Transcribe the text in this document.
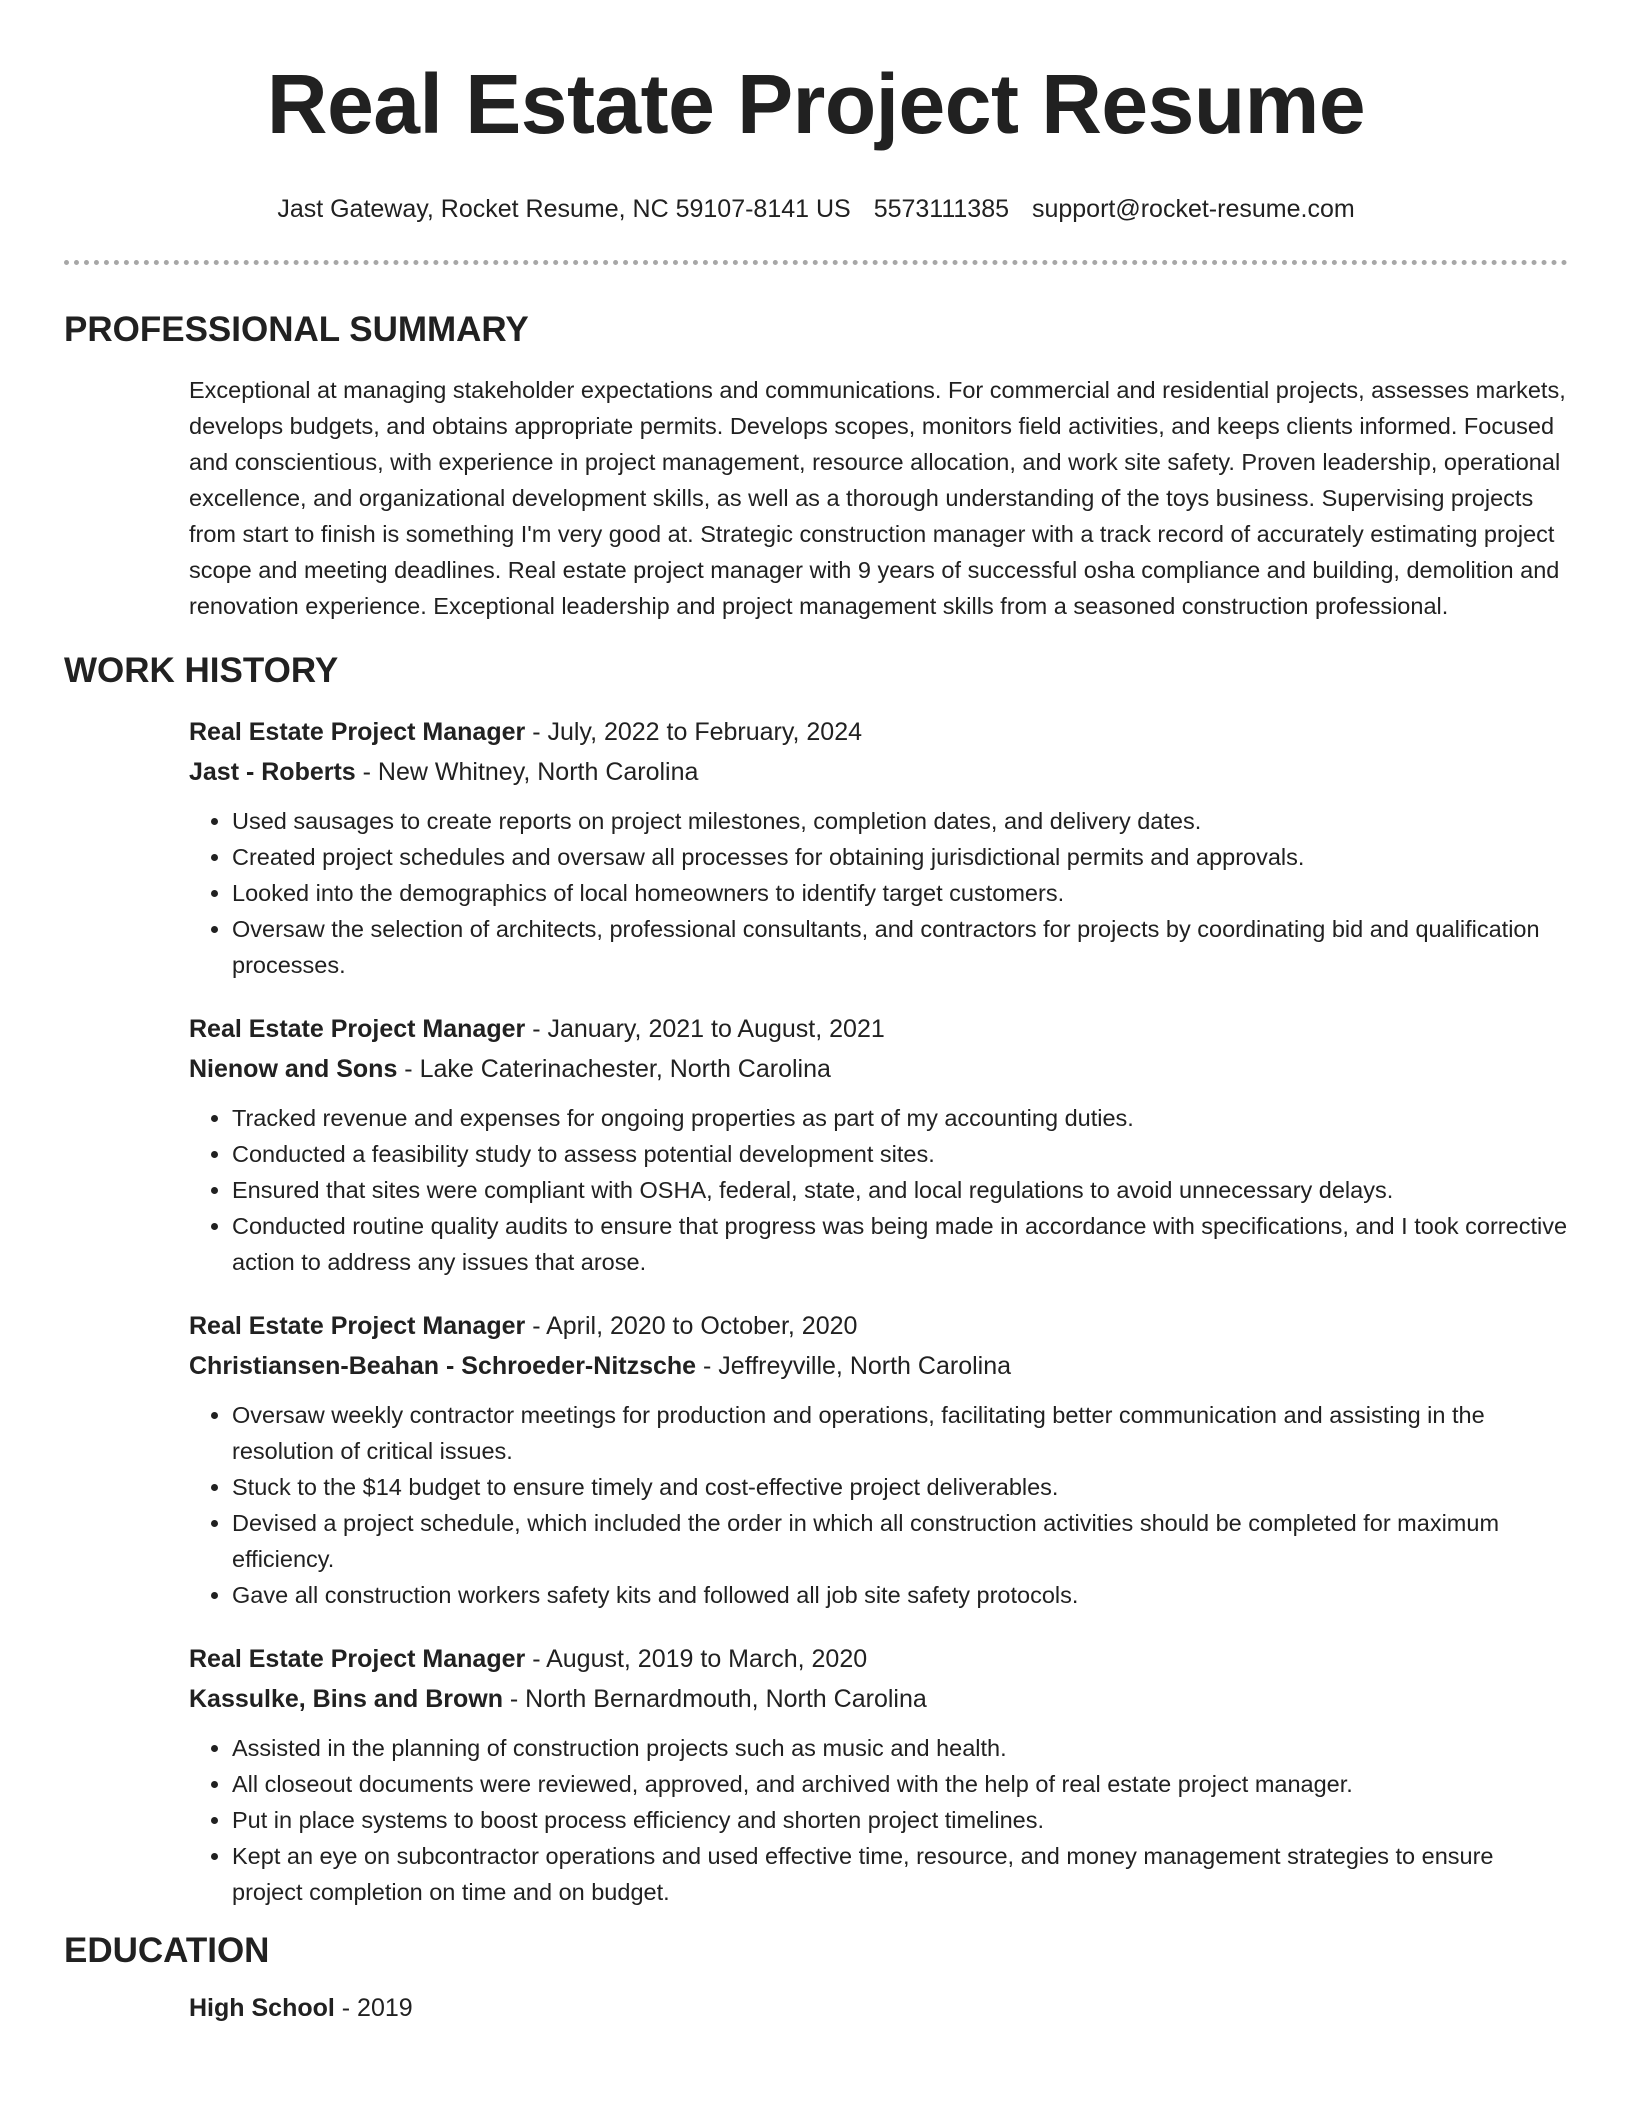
Real Estate Project Resume
Jast Gateway, Rocket Resume, NC 59107-8141 US 5573111385 support@rocket-resume.com
PROFESSIONAL SUMMARY

Exceptional at managing stakeholder expectations and communications. For commercial and residential projects, assesses markets, develops budgets, and obtains appropriate permits. Develops scopes, monitors field activities, and keeps clients informed. Focused and conscientious, with experience in project management, resource allocation, and work site safety. Proven leadership, operational excellence, and organizational development skills, as well as a thorough understanding of the toys business. Supervising projects from start to finish is something I'm very good at. Strategic construction manager with a track record of accurately estimating project scope and meeting deadlines. Real estate project manager with 9 years of successful osha compliance and building, demolition and renovation experience. Exceptional leadership and project management skills from a seasoned construction professional.

WORK HISTORY
Real Estate Project Manager - July, 2022 to February, 2024
Jast - Roberts - New Whitney, North Carolina
• Used sausages to create reports on project milestones, completion dates, and delivery dates.
• Created project schedules and oversaw all processes for obtaining jurisdictional permits and approvals.
• Looked into the demographics of local homeowners to identify target customers.
• Oversaw the selection of architects, professional consultants, and contractors for projects by coordinating bid and qualification processes.
Real Estate Project Manager - January, 2021 to August, 2021
Nienow and Sons - Lake Caterinachester, North Carolina
• Tracked revenue and expenses for ongoing properties as part of my accounting duties.
• Conducted a feasibility study to assess potential development sites.
• Ensured that sites were compliant with OSHA, federal, state, and local regulations to avoid unnecessary delays.
• Conducted routine quality audits to ensure that progress was being made in accordance with specifications, and I took corrective action to address any issues that arose.
Real Estate Project Manager - April, 2020 to October, 2020
Christiansen-Beahan - Schroeder-Nitzsche - Jeffreyville, North Carolina
• Oversaw weekly contractor meetings for production and operations, facilitating better communication and assisting in the resolution of critical issues.
• Stuck to the $14 budget to ensure timely and cost-effective project deliverables.
• Devised a project schedule, which included the order in which all construction activities should be completed for maximum efficiency.
• Gave all construction workers safety kits and followed all job site safety protocols.
Real Estate Project Manager - August, 2019 to March, 2020
Kassulke, Bins and Brown - North Bernardmouth, North Carolina
• Assisted in the planning of construction projects such as music and health.
• All closeout documents were reviewed, approved, and archived with the help of real estate project manager.
• Put in place systems to boost process efficiency and shorten project timelines.
• Kept an eye on subcontractor operations and used effective time, resource, and money management strategies to ensure project completion on time and on budget.
EDUCATION
High School - 2019
